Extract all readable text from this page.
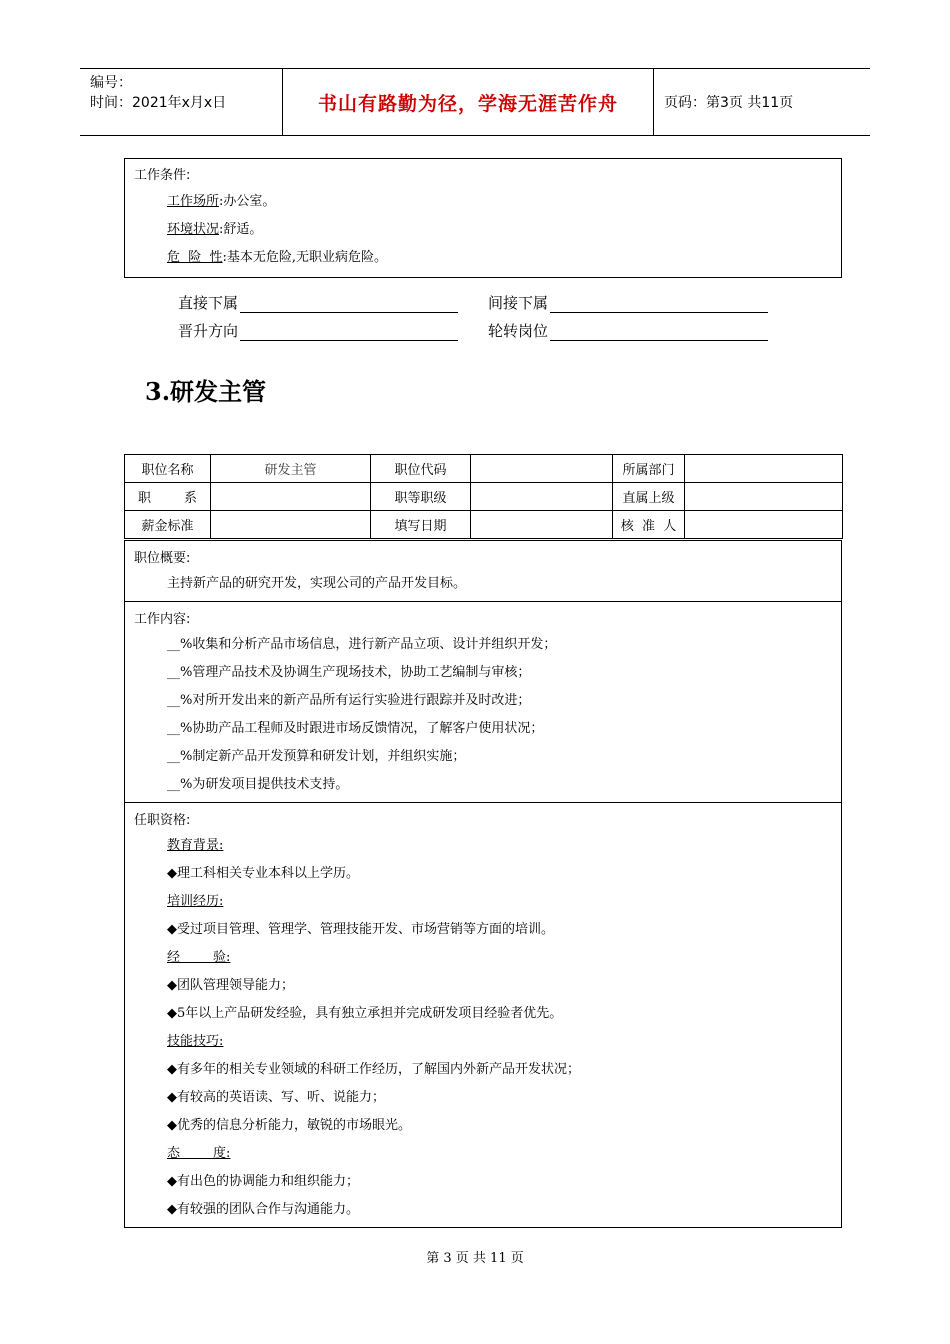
编号：
时间：2021年x月x日	书山有路勤为径，学海无涯苦作舟	页码：第3页 共11页
工作条件:
工作场所:办公室。
环境状况:舒适。
危  险  性:基本无危险,无职业病危险。
直接下属	间接下属
晋升方向	轮转岗位
3.研发主管
职位名称	研发主管	职位代码		所属部门	
职        系		职等职级		直属上级	
薪金标准		填写日期		核  准  人	
职位概要:
主持新产品的研究开发，实现公司的产品开发目标。
工作内容:
__%收集和分析产品市场信息，进行新产品立项、设计并组织开发；
__%管理产品技术及协调生产现场技术，协助工艺编制与审核；
__%对所开发出来的新产品所有运行实验进行跟踪并及时改进；
__%协助产品工程师及时跟进市场反馈情况，了解客户使用状况；
__%制定新产品开发预算和研发计划，并组织实施；
__%为研发项目提供技术支持。
任职资格:
教育背景:
◆理工科相关专业本科以上学历。
培训经历:
◆受过项目管理、管理学、管理技能开发、市场营销等方面的培训。
经        验:
◆团队管理领导能力；
◆5年以上产品研发经验，具有独立承担并完成研发项目经验者优先。
技能技巧:
◆有多年的相关专业领域的科研工作经历，了解国内外新产品开发状况；
◆有较高的英语读、写、听、说能力；
◆优秀的信息分析能力，敏锐的市场眼光。
态        度:
◆有出色的协调能力和组织能力；
◆有较强的团队合作与沟通能力。
第 3 页 共 11 页
